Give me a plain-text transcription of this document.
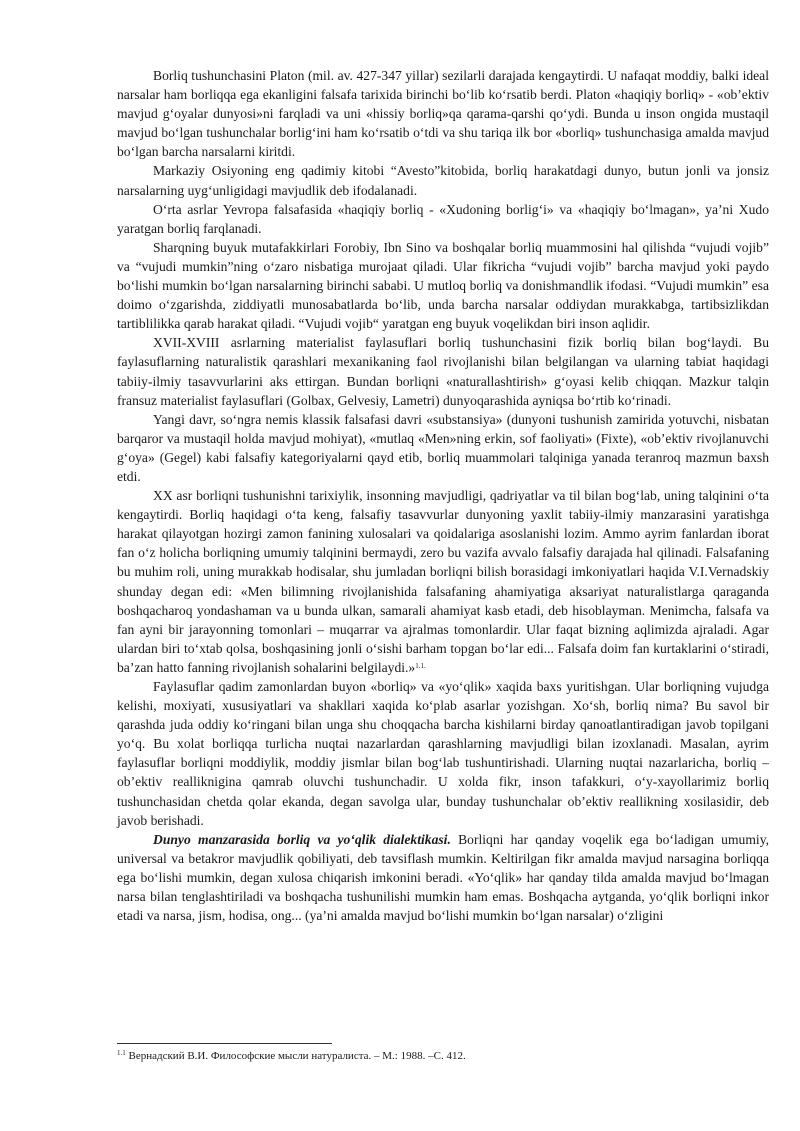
Borliq tushunchasini Platon (mil. av. 427-347 yillar) sezilarli darajada kengaytirdi. U nafaqat moddiy, balki ideal narsalar ham borliqqa ega ekanligini falsafa tarixida birinchi bo‘lib ko‘rsatib berdi. Platon «haqiqiy borliq» - «ob’ektiv mavjud g‘oyalar dunyosi»ni farqladi va uni «hissiy borliq»qa qarama-qarshi qo‘ydi. Bunda u inson ongida mustaqil mavjud bo‘lgan tushunchalar borlig‘ini ham ko‘rsatib o‘tdi va shu tariqa ilk bor «borliq» tushunchasiga amalda mavjud bo‘lgan barcha narsalarni kiritdi.

Markaziy Osiyoning eng qadimiy kitobi “Avesto”kitobida, borliq harakatdagi dunyo, butun jonli va jonsiz narsalarning uyg‘unligidagi mavjudlik deb ifodalanadi.

O‘rta asrlar Yevropa falsafasida «haqiqiy borliq - «Xudoning borlig‘i» va «haqiqiy bo‘lmagan», ya’ni Xudo yaratgan borliq farqlanadi.

Sharqning buyuk mutafakkirlari Forobiy, Ibn Sino va boshqalar borliq muammosini hal qilishda “vujudi vojib” va “vujudi mumkin”ning o‘zaro nisbatiga murojaat qiladi. Ular fikricha “vujudi vojib” barcha mavjud yoki paydo bo‘lishi mumkin bo‘lgan narsalarning birinchi sababi. U mutloq borliq va donishmandlik ifodasi. “Vujudi mumkin” esa doimo o‘zgarishda, ziddiyatli munosabatlarda bo‘lib, unda barcha narsalar oddiydan murakkabga, tartibsizlikdan tartiblilikka qarab harakat qiladi. “Vujudi vojib“ yaratgan eng buyuk voqelikdan biri inson aqlidir.

XVII-XVIII asrlarning materialist faylasuflari borliq tushunchasini fizik borliq bilan bog‘laydi. Bu faylasuflarning naturalistik qarashlari mexanikaning faol rivojlanishi bilan belgilangan va ularning tabiat haqidagi tabiiy-ilmiy tasavvurlarini aks ettirgan. Bundan borliqni «naturallashtirish» g‘oyasi kelib chiqqan. Mazkur talqin fransuz materialist faylasuflari (Golbax, Gelvesiy, Lametri) dunyoqarashida ayniqsa bo‘rtib ko‘rinadi.

Yangi davr, so‘ngra nemis klassik falsafasi davri «substansiya» (dunyoni tushunish zamirida yotuvchi, nisbatan barqaror va mustaqil holda mavjud mohiyat), «mutlaq «Men»ning erkin, sof faoliyati» (Fixte), «ob’ektiv rivojlanuvchi g‘oya» (Gegel) kabi falsafiy kategoriyalarni qayd etib, borliq muammolari talqiniga yanada teranroq mazmun baxsh etdi.

XX asr borliqni tushunishni tarixiylik, insonning mavjudligi, qadriyatlar va til bilan bog‘lab, uning talqinini o‘ta kengaytirdi. Borliq haqidagi o‘ta keng, falsafiy tasavvurlar dunyoning yaxlit tabiiy-ilmiy manzarasini yaratishga harakat qilayotgan hozirgi zamon fanining xulosalari va qoidalariga asoslanishi lozim. Ammo ayrim fanlardan iborat fan o‘z holicha borliqning umumiy talqinini bermaydi, zero bu vazifa avvalo falsafiy darajada hal qilinadi. Falsafaning bu muhim roli, uning murakkab hodisalar, shu jumladan borliqni bilish borasidagi imkoniyatlari haqida V.I.Vernadskiy shunday degan edi: «Men bilimning rivojlanishida falsafaning ahamiyatiga aksariyat naturalistlarga qaraganda boshqacharoq yondashaman va u bunda ulkan, samarali ahamiyat kasb etadi, deb hisoblayman. Menimcha, falsafa va fan ayni bir jarayonning tomonlari – muqarrar va ajralmas tomonlardir. Ular faqat bizning aqlimizda ajraladi. Agar ulardan biri to‘xtab qolsa, boshqasining jonli o‘sishi barham topgan bo‘lar edi... Falsafa doim fan kurtaklarini o‘stiradi, ba’zan hatto fanning rivojlanish sohalarini belgilaydi.»$^{1.1.}$

Faylasuflar qadim zamonlardan buyon «borliq» va «yo‘qlik» xaqida baxs yuritishgan. Ular borliqning vujudga kelishi, moxiyati, xususiyatlari va shakllari xaqida ko‘plab asarlar yozishgan. Xo‘sh, borliq nima? Bu savol bir qarashda juda oddiy ko‘ringani bilan unga shu choqqacha barcha kishilarni birday qanoatlantiradigan javob topilgani yo‘q. Bu xolat borliqqa turlicha nuqtai nazarlardan qarashlarning mavjudligi bilan izoxlanadi. Masalan, ayrim faylasuflar borliqni moddiylik, moddiy jismlar bilan bog‘lab tushuntirishadi. Ularning nuqtai nazarlaricha, borliq – ob’ektiv realliknigina qamrab oluvchi tushunchadir. U xolda fikr, inson tafakkuri, o‘y-xayollarimiz borliq tushunchasidan chetda qolar ekanda, degan savolga ular, bunday tushunchalar ob’ektiv reallikning xosilasidir, deb javob berishadi.

Dunyo manzarasida borliq va yo‘qlik dialektikasi. Borliqni har qanday voqelik ega bo‘ladigan umumiy, universal va betakror mavjudlik qobiliyati, deb tavsiflash mumkin. Keltirilgan fikr amalda mavjud narsagina borliqqa ega bo‘lishi mumkin, degan xulosa chiqarish imkonini beradi. «Yo‘qlik» har qanday tilda amalda mavjud bo‘lmagan narsa bilan tenglashtiriladi va boshqacha tushunilishi mumkin ham emas. Boshqacha aytganda, yo‘qlik borliqni inkor etadi va narsa, jism, hodisa, ong... (ya’ni amalda mavjud bo‘lishi mumkin bo‘lgan narsalar) o‘zligini

$^{1.1}$ Вернадский В.И. Философские мысли натуралиста. – М.: 1988. –С. 412.
